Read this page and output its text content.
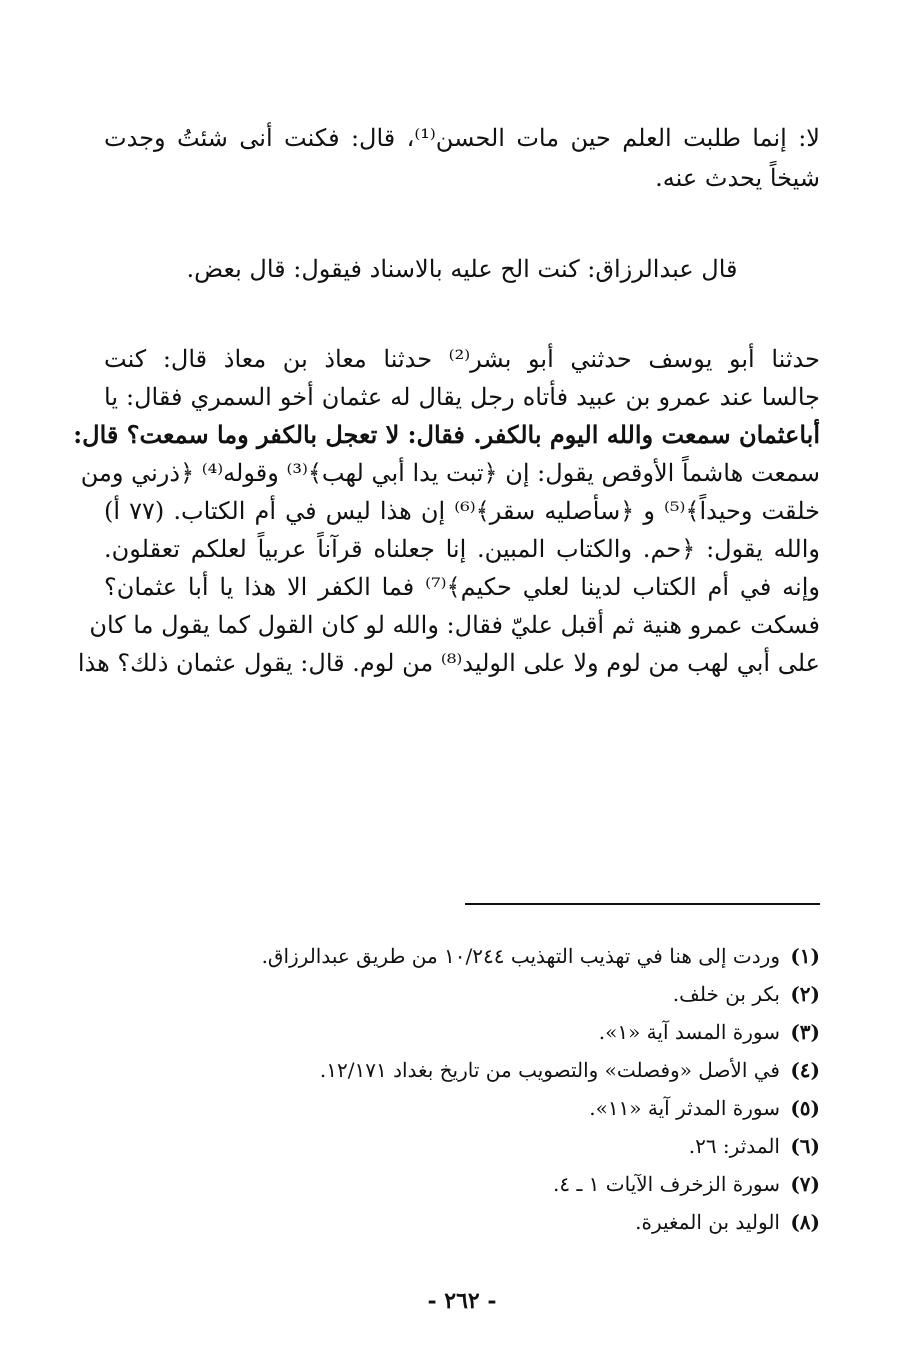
لا: إنما طلبت العلم حين مات الحسن⁽¹⁾، قال: فكنت أنى شئتُ وجدت
شيخاً يحدث عنه.
قال عبدالرزاق: كنت الح عليه بالاسناد فيقول: قال بعض.
حدثنا أبو يوسف حدثني أبو بشر⁽²⁾ حدثنا معاذ بن معاذ قال: كنت
جالسا عند عمرو بن عبيد فأتاه رجل يقال له عثمان أخو السمري فقال: يا
أباعثمان سمعت والله اليوم بالكفر. فقال: لا تعجل بالكفر وما سمعت؟ قال:
سمعت هاشماً الأوقص يقول: إن ﴿تبت يدا أبي لهب﴾⁽³⁾ وقوله⁽⁴⁾ ﴿ذرني ومن
خلقت وحيداً﴾⁽⁵⁾ و ﴿سأصليه سقر﴾⁽⁶⁾ إن هذا ليس في أم الكتاب. (٧٧ أ)
والله يقول: ﴿حم. والكتاب المبين. إنا جعلناه قرآناً عربياً لعلكم تعقلون.
وإنه في أم الكتاب لدينا لعلي حكيم﴾⁽⁷⁾ فما الكفر الا هذا يا أبا عثمان؟
فسكت عمرو هنية ثم أقبل عليّ فقال: والله لو كان القول كما يقول ما كان
على أبي لهب من لوم ولا على الوليد⁽⁸⁾ من لوم. قال: يقول عثمان ذلك؟ هذا
(١)وردت إلى هنا في تهذيب التهذيب ١٠/٢٤٤ من طريق عبدالرزاق.
(٢)بكر بن خلف.
(٣)سورة المسد آية «١».
(٤)في الأصل «وفصلت» والتصويب من تاريخ بغداد ١٢/١٧١.
(٥)سورة المدثر آية «١١».
(٦)المدثر: ٢٦.
(٧)سورة الزخرف الآيات ١ ـ ٤.
(٨)الوليد بن المغيرة.
- ٢٦٢ -
